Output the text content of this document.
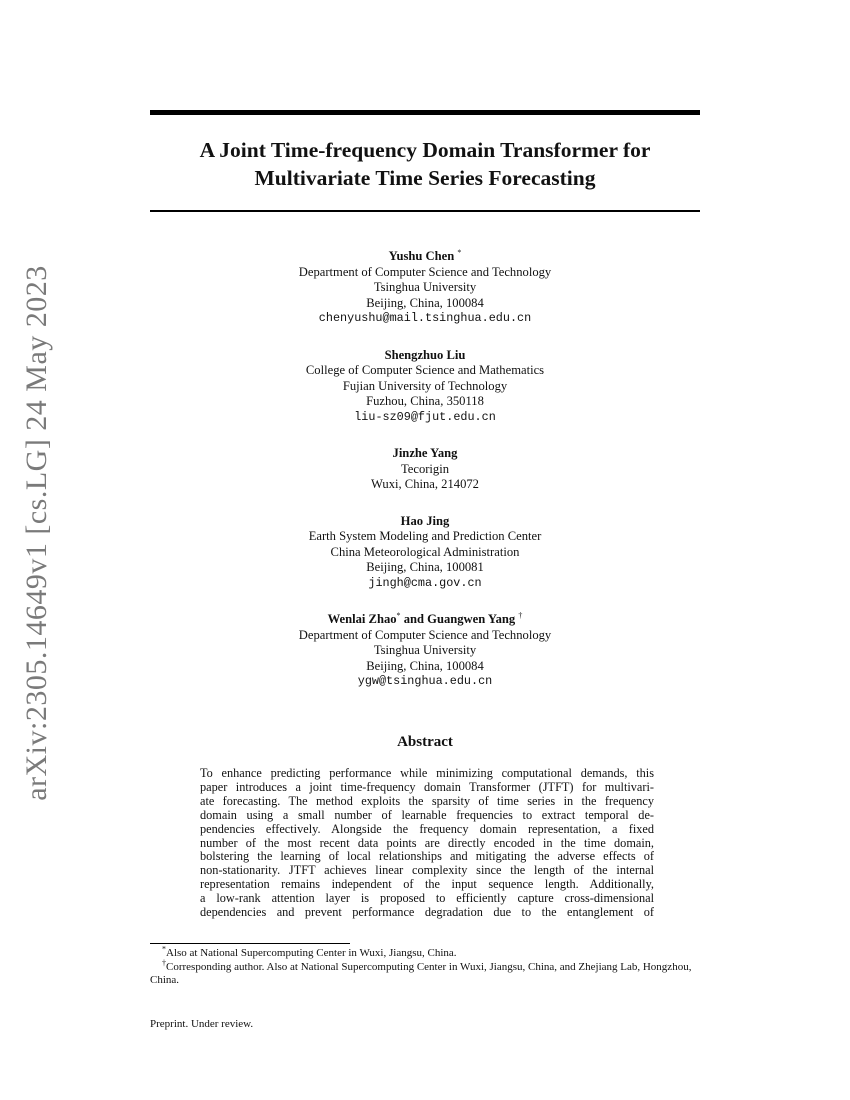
arXiv:2305.14649v1 [cs.LG] 24 May 2023
A Joint Time-frequency Domain Transformer for
Multivariate Time Series Forecasting
Yushu Chen *
Department of Computer Science and Technology
Tsinghua University
Beijing, China, 100084
chenyushu@mail.tsinghua.edu.cn
Shengzhuo Liu
College of Computer Science and Mathematics
Fujian University of Technology
Fuzhou, China, 350118
liu-sz09@fjut.edu.cn
Jinzhe Yang
Tecorigin
Wuxi, China, 214072
Hao Jing
Earth System Modeling and Prediction Center
China Meteorological Administration
Beijing, China, 100081
jingh@cma.gov.cn
Wenlai Zhao* and Guangwen Yang †
Department of Computer Science and Technology
Tsinghua University
Beijing, China, 100084
ygw@tsinghua.edu.cn
Abstract
To enhance predicting performance while minimizing computational demands, this
paper introduces a joint time-frequency domain Transformer (JTFT) for multivari-
ate forecasting. The method exploits the sparsity of time series in the frequency
domain using a small number of learnable frequencies to extract temporal de-
pendencies effectively. Alongside the frequency domain representation, a fixed
number of the most recent data points are directly encoded in the time domain,
bolstering the learning of local relationships and mitigating the adverse effects of
non-stationarity. JTFT achieves linear complexity since the length of the internal
representation remains independent of the input sequence length. Additionally,
a low-rank attention layer is proposed to efficiently capture cross-dimensional
dependencies and prevent performance degradation due to the entanglement of
*Also at National Supercomputing Center in Wuxi, Jiangsu, China.
†Corresponding author. Also at National Supercomputing Center in Wuxi, Jiangsu, China, and Zhejiang Lab, Hongzhou, China.
Preprint. Under review.
